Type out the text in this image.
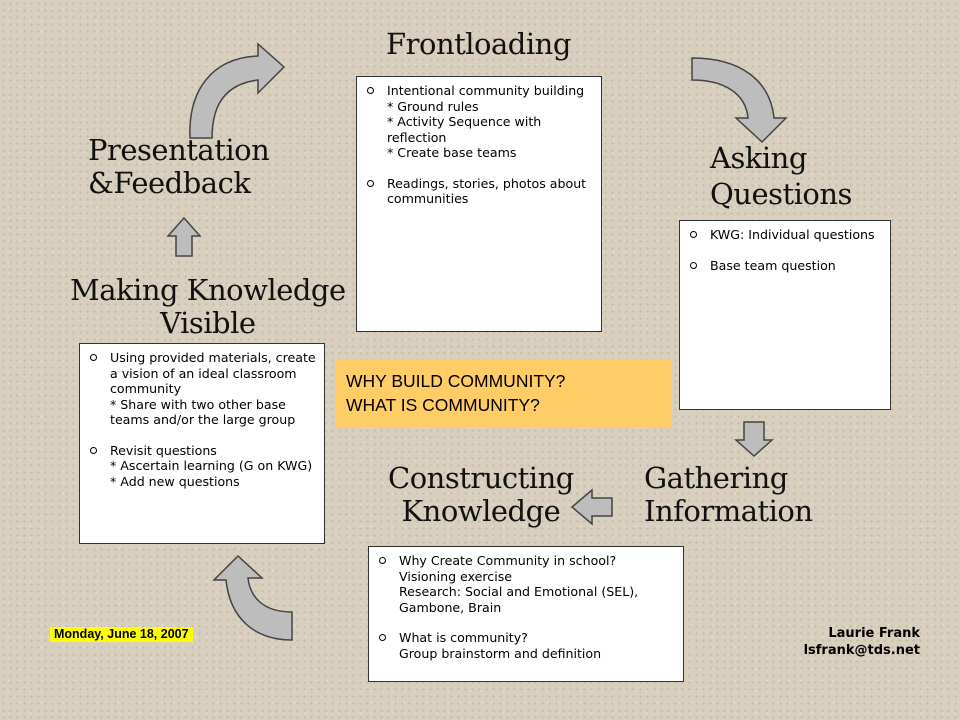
Frontloading
Asking
Questions
Presentation
&Feedback
Making Knowledge
Visible
Gathering
Information
Constructing
Knowledge
Intentional community building
* Ground rules
* Activity Sequence with reflection
* Create base teams
Readings, stories, photos about communities
KWG: Individual questions
Base team question
Using provided materials, create a vision of an ideal classroom community
* Share with two other base teams and/or the large group
Revisit questions
* Ascertain learning (G on KWG)
* Add new questions
Why Create Community in school?
Visioning exercise
Research: Social and Emotional (SEL), Gambone, Brain
What is community?
Group brainstorm and definition
WHY BUILD COMMUNITY?
WHAT IS COMMUNITY?
Monday, June 18, 2007	Laurie Frank
lsfrank@tds.net
